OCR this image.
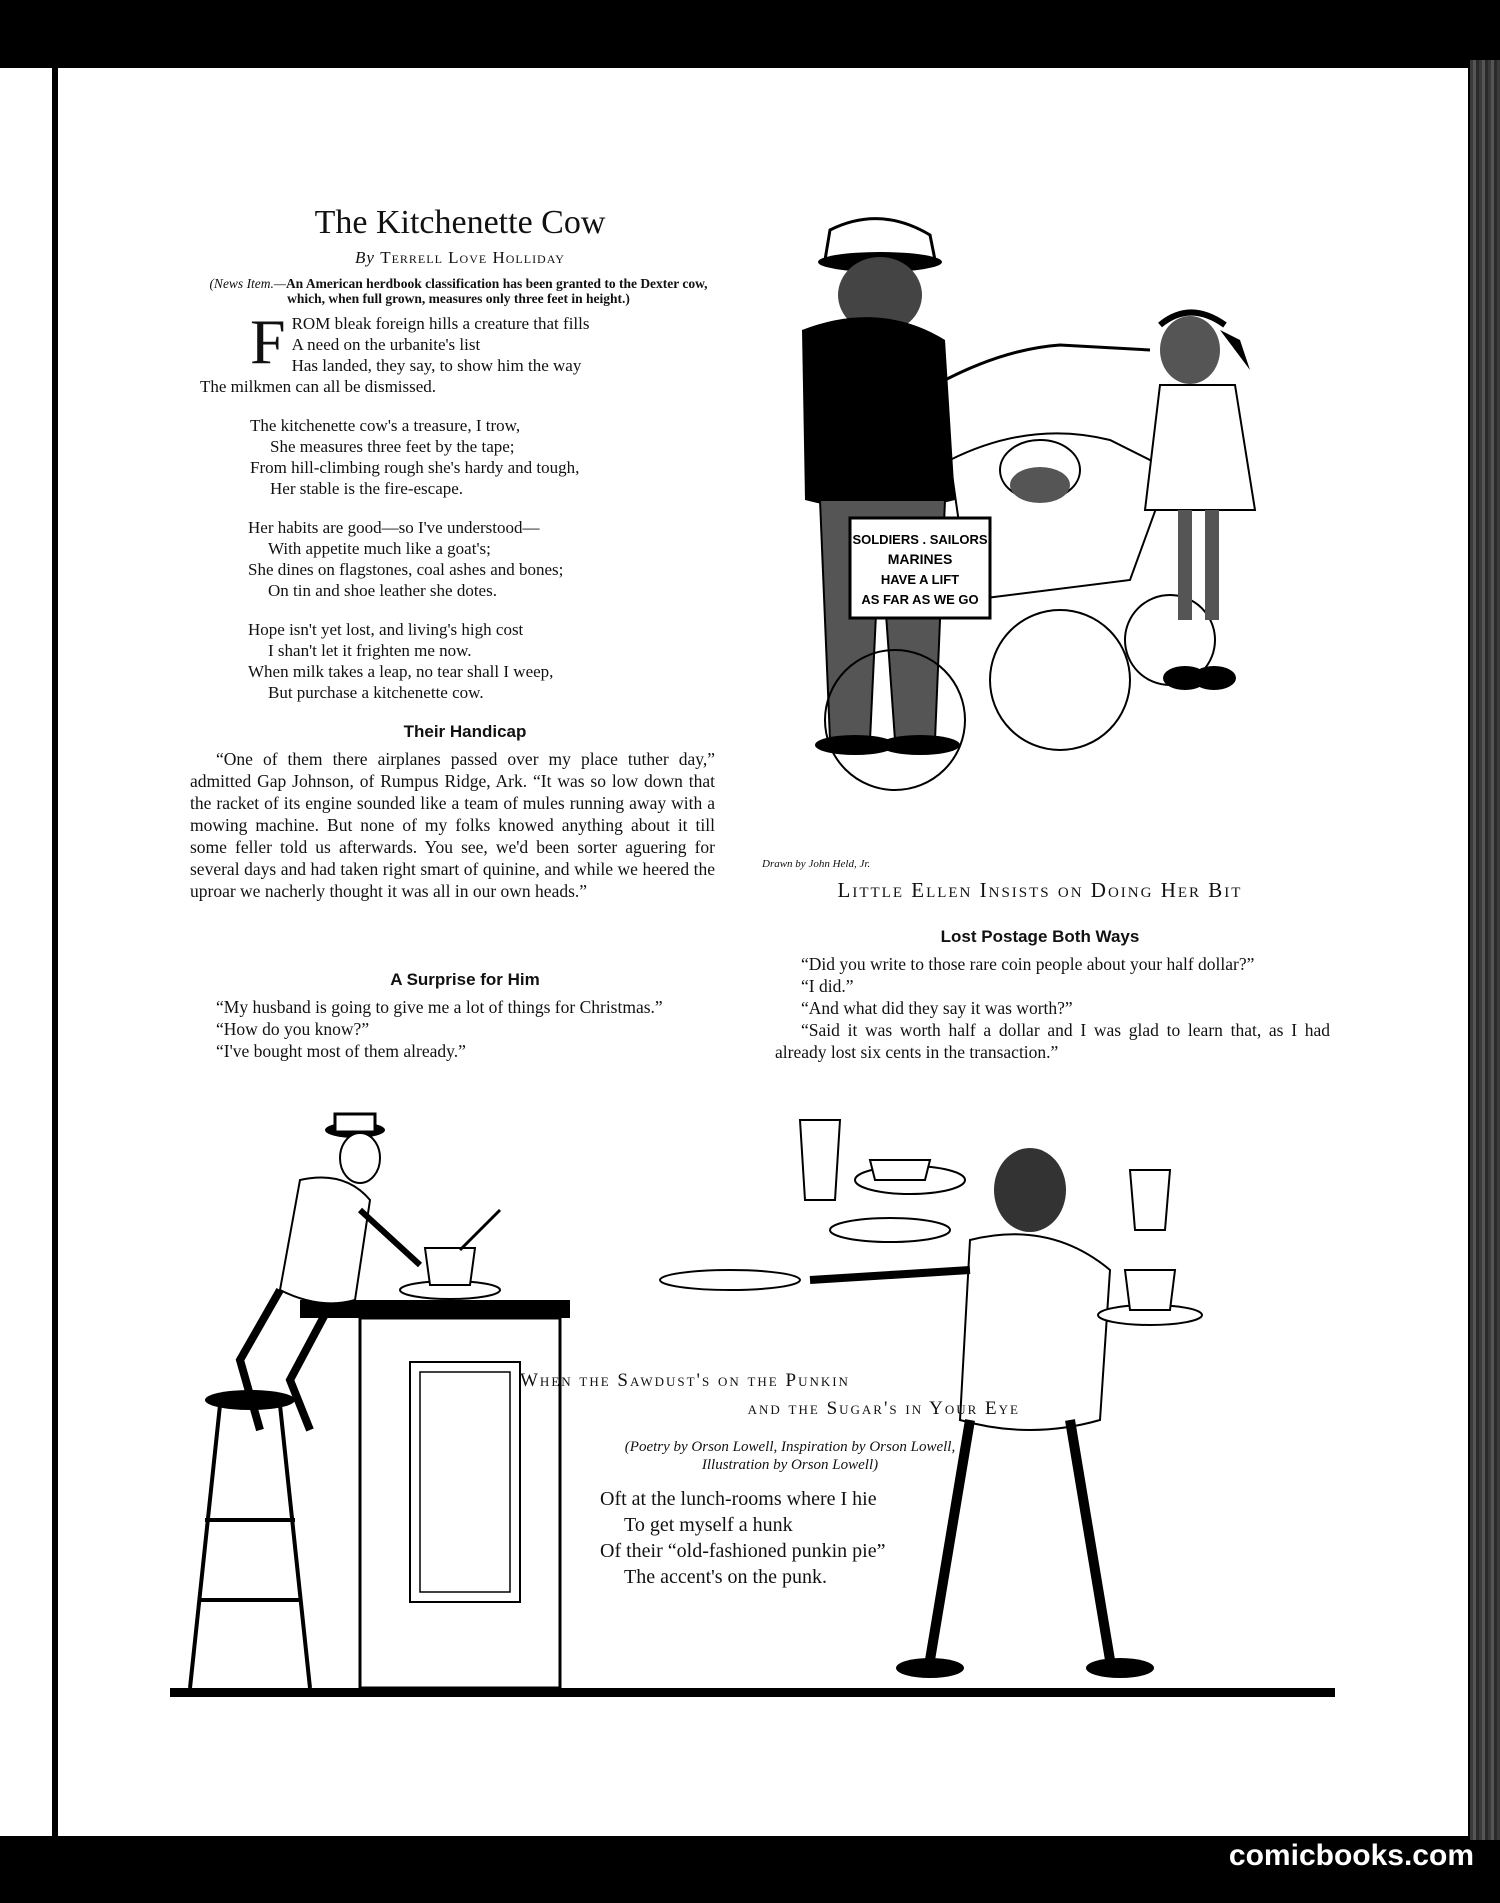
The Kitchenette Cow
By Terrell Love Holliday
(News Item.—An American herdbook classification has been granted to the Dexter cow, which, when full grown, measures only three feet in height.)
F ROM bleak foreign hills a creature that fills
A need on the urbanite's list
Has landed, they say, to show him the way
The milkmen can all be dismissed.
The kitchenette cow's a treasure, I trow,
She measures three feet by the tape;
From hill-climbing rough she's hardy and tough,
Her stable is the fire-escape.
Her habits are good—so I've understood—
With appetite much like a goat's;
She dines on flagstones, coal ashes and bones;
On tin and shoe leather she dotes.
Hope isn't yet lost, and living's high cost
I shan't let it frighten me now.
When milk takes a leap, no tear shall I weep,
But purchase a kitchenette cow.
Their Handicap

“One of them there airplanes passed over my place tuther day,” admitted Gap Johnson, of Rumpus Ridge, Ark. “It was so low down that the racket of its engine sounded like a team of mules running away with a mowing machine. But none of my folks knowed anything about it till some feller told us afterwards. You see, we'd been sorter aguering for several days and had taken right smart of quinine, and while we heered the uproar we nacherly thought it was all in our own heads.”

A Surprise for Him

“My husband is going to give me a lot of things for Christmas.”

“How do you know?”

“I've bought most of them already.”

SOLDIERS . SAILORS
MARINES
HAVE A LIFT
AS FAR AS WE GO
Drawn by John Held, Jr.
Little Ellen Insists on Doing Her Bit
Lost Postage Both Ways

“Did you write to those rare coin people about your half dollar?”

“I did.”

“And what did they say it was worth?”

“Said it was worth half a dollar and I was glad to learn that, as I had already lost six cents in the transaction.”

When the Sawdust's on the Punkin
and the Sugar's in Your Eye
(Poetry by Orson Lowell, Inspiration by Orson Lowell,
Illustration by Orson Lowell)
Oft at the lunch-rooms where I hie
To get myself a hunk
Of their “old-fashioned punkin pie”
The accent's on the punk.
comicbooks.com
